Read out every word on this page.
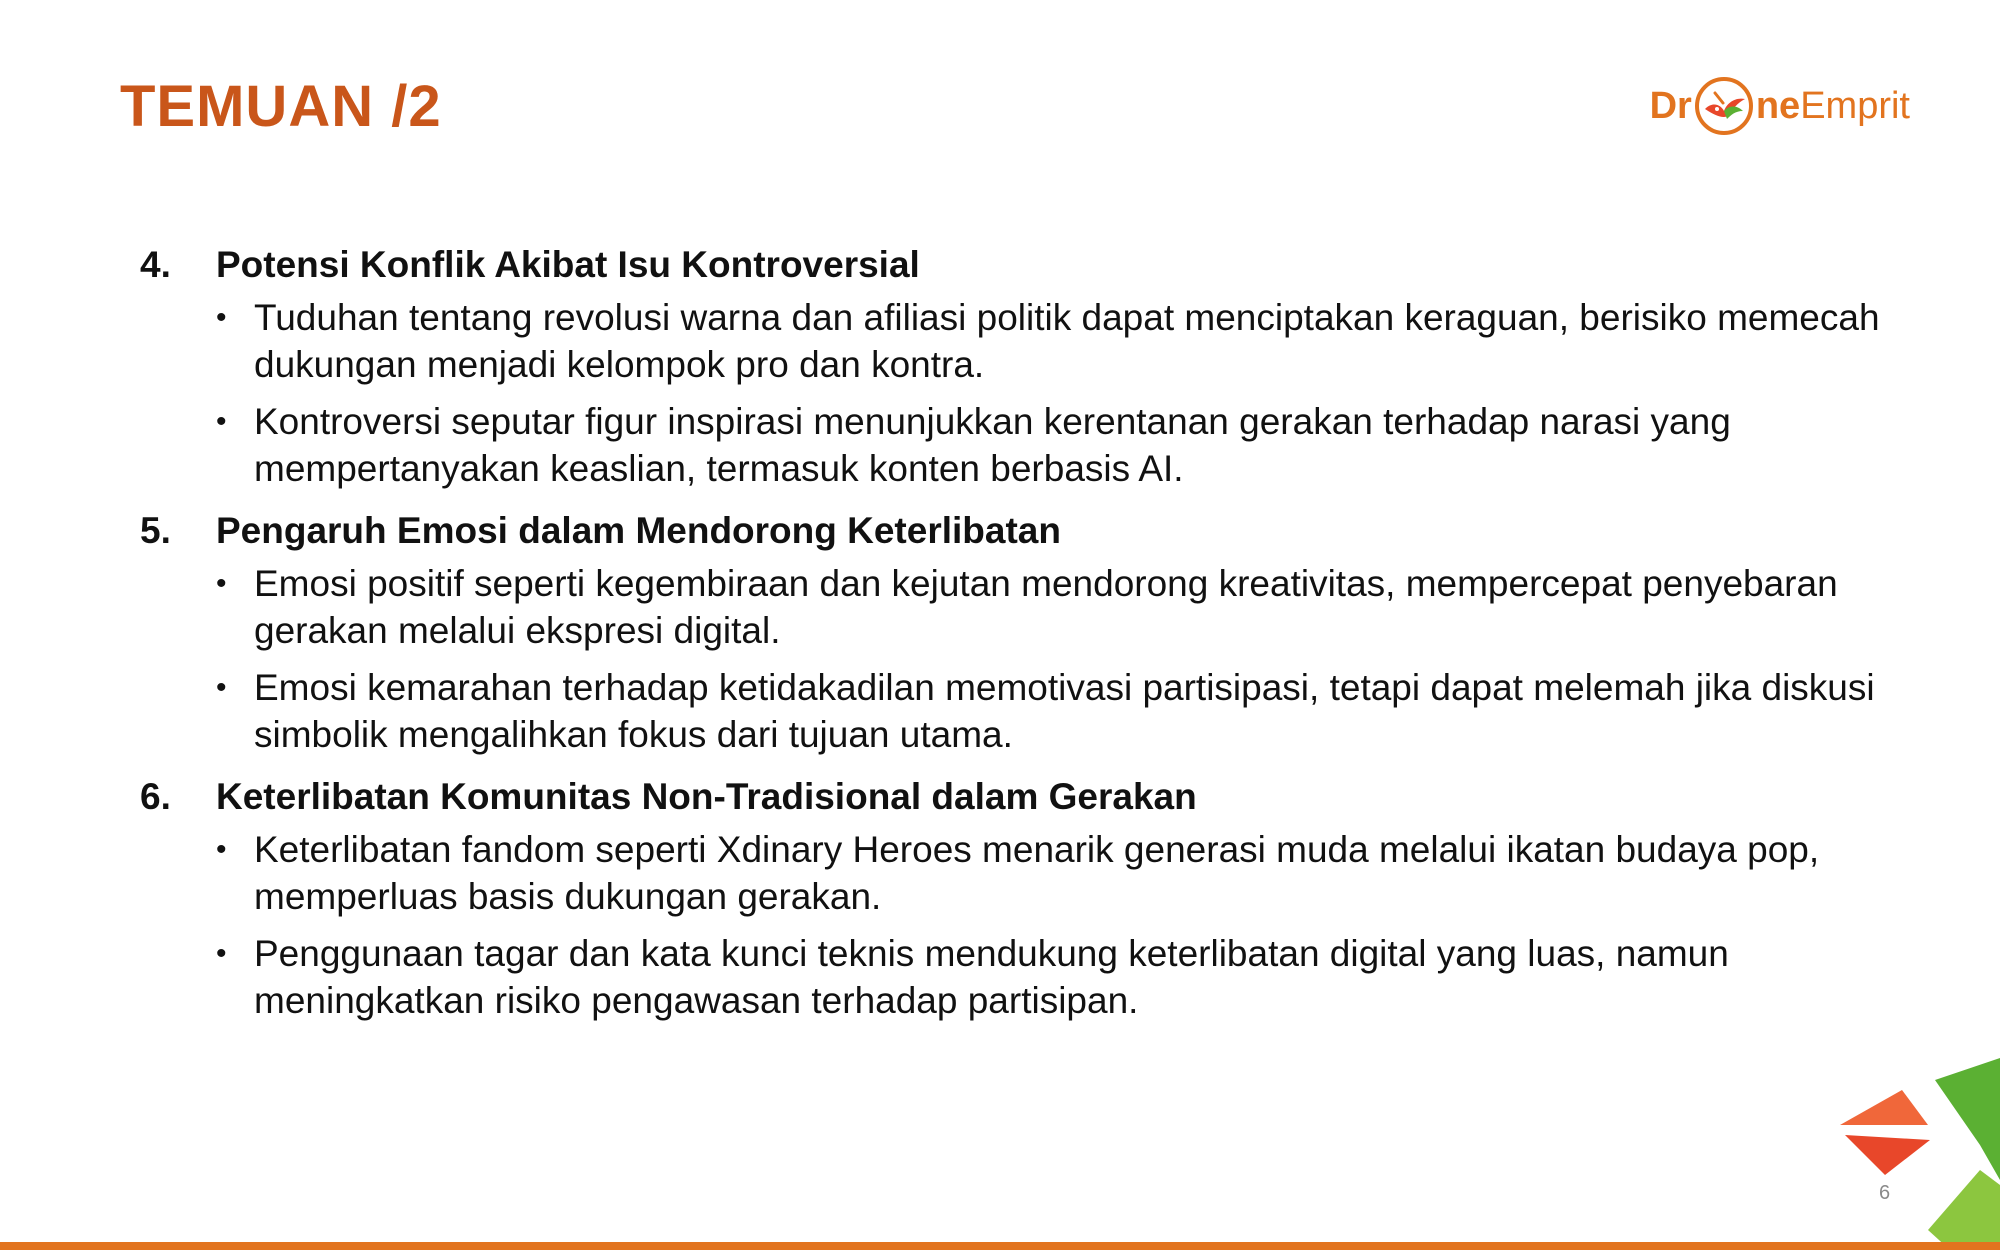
TEMUAN /2	Dr ne Emprit
4.	Potensi Konflik Akibat Isu Kontroversial
• Tuduhan tentang revolusi warna dan afiliasi politik dapat menciptakan keraguan, berisiko memecah dukungan menjadi kelompok pro dan kontra.
• Kontroversi seputar figur inspirasi menunjukkan kerentanan gerakan terhadap narasi yang mempertanyakan keaslian, termasuk konten berbasis AI.
5.	Pengaruh Emosi dalam Mendorong Keterlibatan
• Emosi positif seperti kegembiraan dan kejutan mendorong kreativitas, mempercepat penyebaran gerakan melalui ekspresi digital.
• Emosi kemarahan terhadap ketidakadilan memotivasi partisipasi, tetapi dapat melemah jika diskusi simbolik mengalihkan fokus dari tujuan utama.
6.	Keterlibatan Komunitas Non-Tradisional dalam Gerakan
• Keterlibatan fandom seperti Xdinary Heroes menarik generasi muda melalui ikatan budaya pop, memperluas basis dukungan gerakan.
• Penggunaan tagar dan kata kunci teknis mendukung keterlibatan digital yang luas, namun meningkatkan risiko pengawasan terhadap partisipan.
6
